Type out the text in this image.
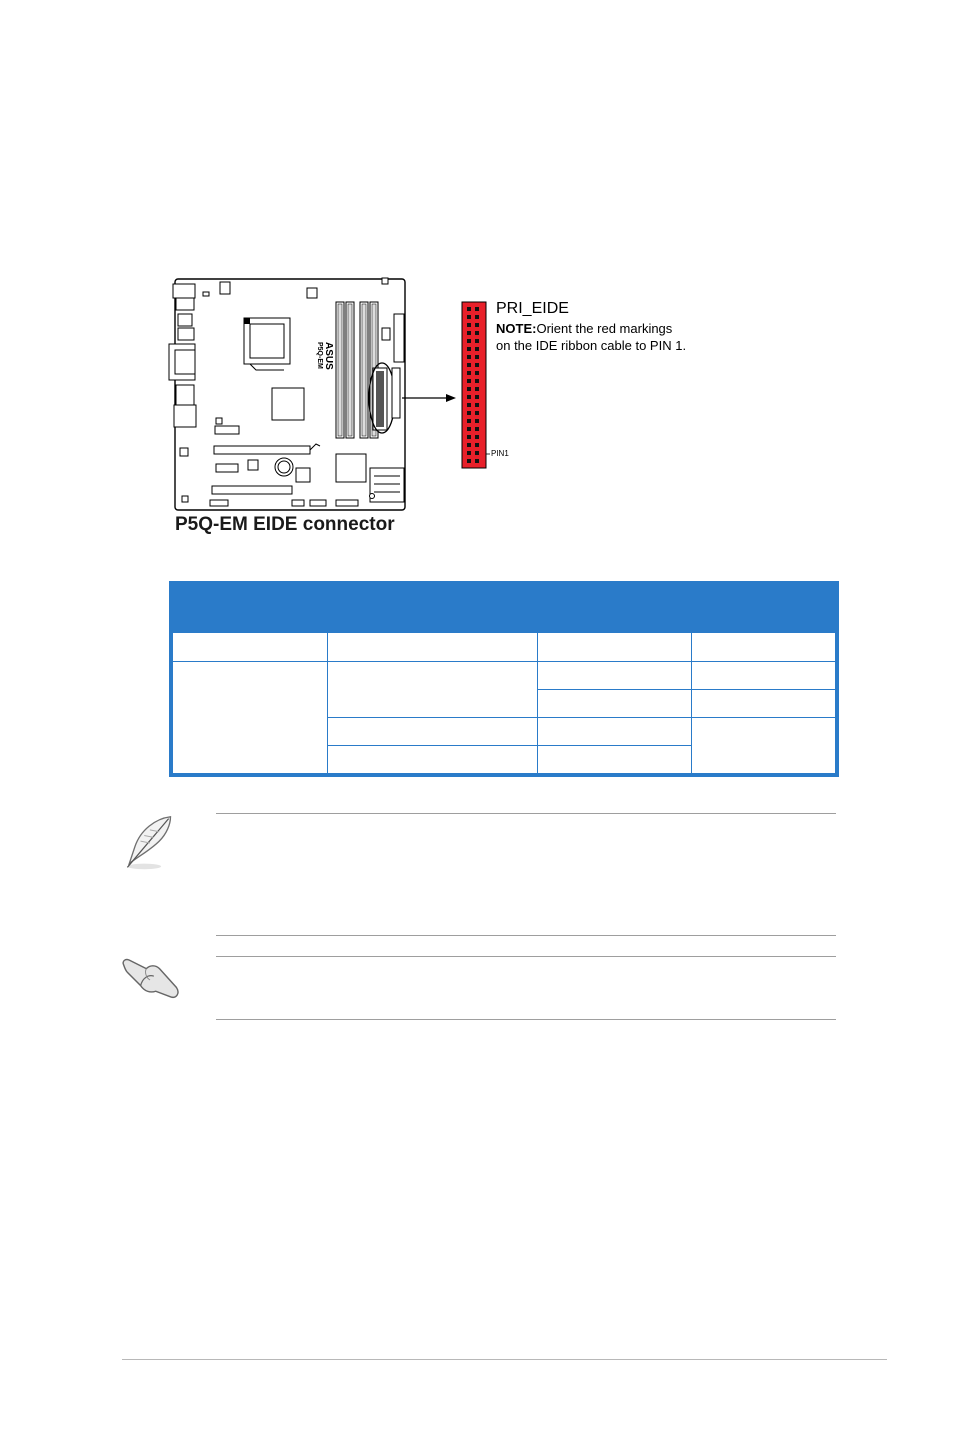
ASUS
P5Q-EM
PRI_EIDE
NOTE:Orient the red markings
on the IDE ribbon cable to PIN 1.
PIN1
P5Q-EM EIDE connector
